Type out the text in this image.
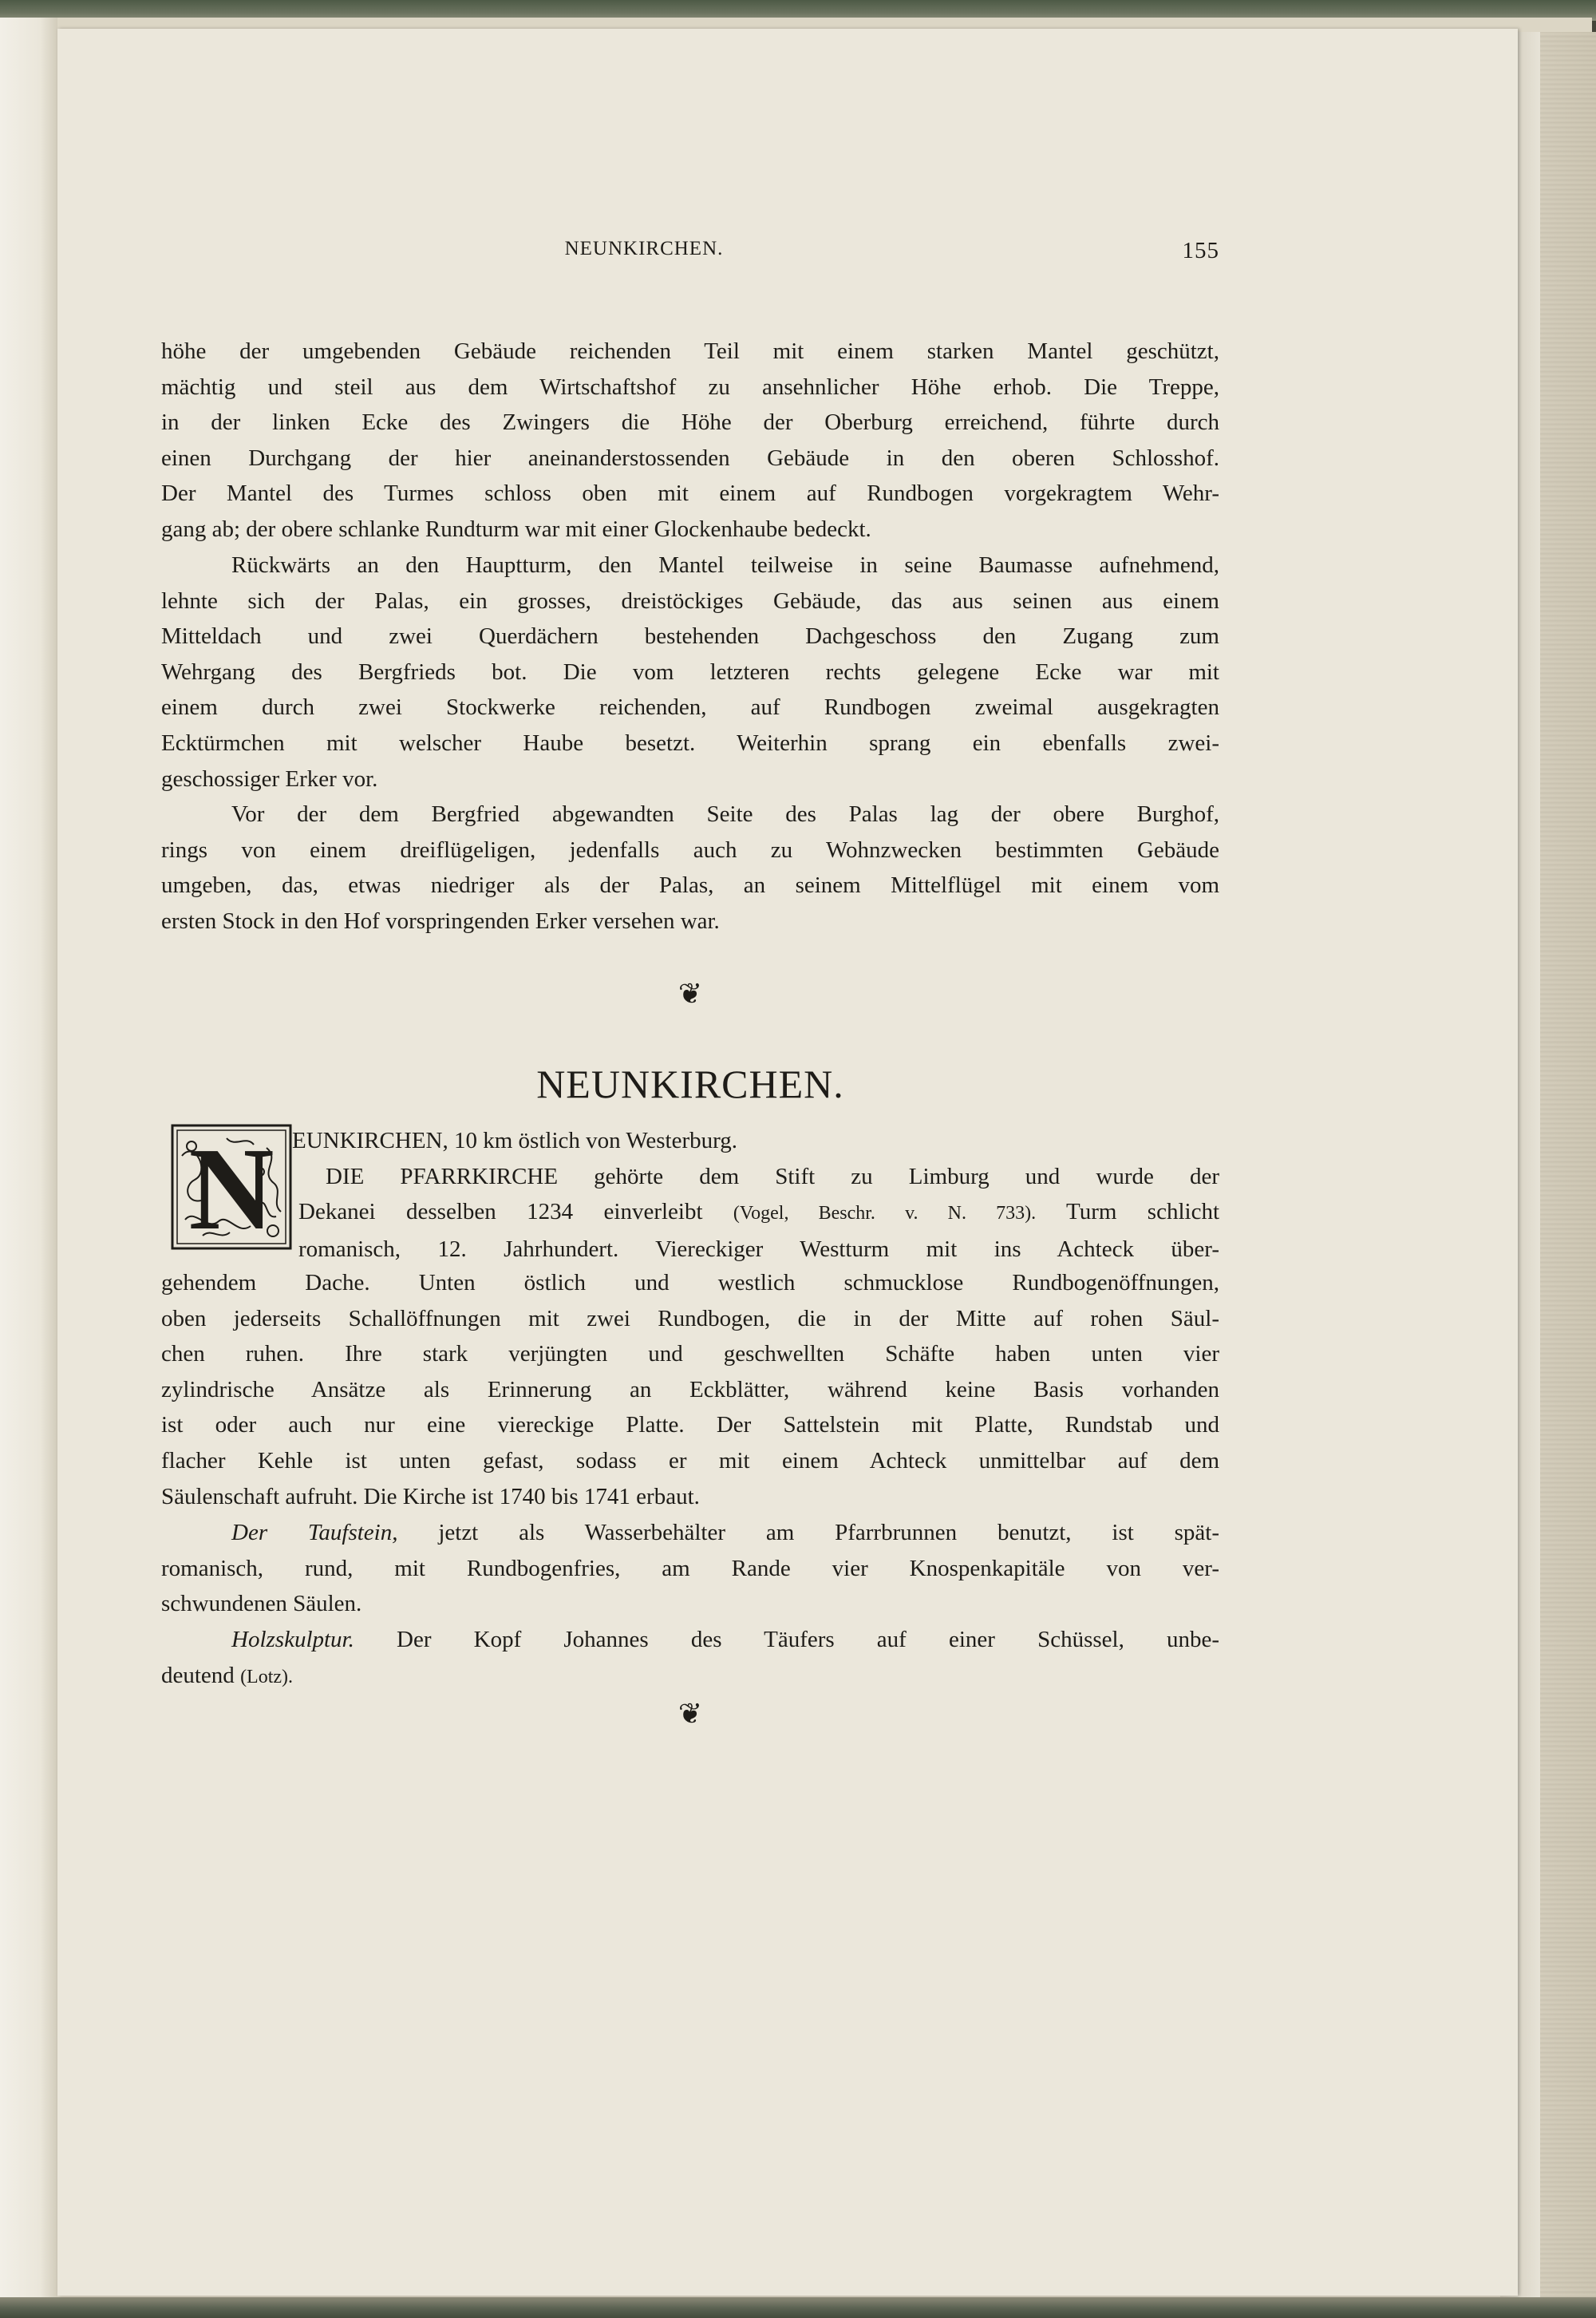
NEUNKIRCHEN.	155
höhe der umgebenden Gebäude reichenden Teil mit einem starken Mantel geschützt,
mächtig und steil aus dem Wirtschaftshof zu ansehnlicher Höhe erhob. Die Treppe,
in der linken Ecke des Zwingers die Höhe der Oberburg erreichend, führte durch
einen Durchgang der hier aneinanderstossenden Gebäude in den oberen Schlosshof.
Der Mantel des Turmes schloss oben mit einem auf Rundbogen vorgekragtem Wehr-
gang ab; der obere schlanke Rundturm war mit einer Glockenhaube bedeckt.
Rückwärts an den Hauptturm, den Mantel teilweise in seine Baumasse aufnehmend,
lehnte sich der Palas, ein grosses, dreistöckiges Gebäude, das aus seinen aus einem
Mitteldach und zwei Querdächern bestehenden Dachgeschoss den Zugang zum
Wehrgang des Bergfrieds bot. Die vom letzteren rechts gelegene Ecke war mit
einem durch zwei Stockwerke reichenden, auf Rundbogen zweimal ausgekragten
Ecktürmchen mit welscher Haube besetzt. Weiterhin sprang ein ebenfalls zwei-
geschossiger Erker vor.
Vor der dem Bergfried abgewandten Seite des Palas lag der obere Burghof,
rings von einem dreiflügeligen, jedenfalls auch zu Wohnzwecken bestimmten Gebäude
umgeben, das, etwas niedriger als der Palas, an seinem Mittelflügel mit einem vom
ersten Stock in den Hof vorspringenden Erker versehen war.
❦
NEUNKIRCHEN.
N EUNKIRCHEN, 10 km östlich von Westerburg.
DIE PFARRKIRCHE gehörte dem Stift zu Limburg und wurde der
Dekanei desselben 1234 einverleibt (Vogel, Beschr. v. N. 733). Turm schlicht
romanisch, 12. Jahrhundert. Viereckiger Westturm mit ins Achteck über-
gehendem Dache. Unten östlich und westlich schmucklose Rundbogenöffnungen,
oben jederseits Schallöffnungen mit zwei Rundbogen, die in der Mitte auf rohen Säul-
chen ruhen. Ihre stark verjüngten und geschwellten Schäfte haben unten vier
zylindrische Ansätze als Erinnerung an Eckblätter, während keine Basis vorhanden
ist oder auch nur eine viereckige Platte. Der Sattelstein mit Platte, Rundstab und
flacher Kehle ist unten gefast, sodass er mit einem Achteck unmittelbar auf dem
Säulenschaft aufruht. Die Kirche ist 1740 bis 1741 erbaut.
Der Taufstein, jetzt als Wasserbehälter am Pfarrbrunnen benutzt, ist spät-
romanisch, rund, mit Rundbogenfries, am Rande vier Knospenkapitäle von ver-
schwundenen Säulen.
Holzskulptur. Der Kopf Johannes des Täufers auf einer Schüssel, unbe-
deutend (Lotz).
❦
